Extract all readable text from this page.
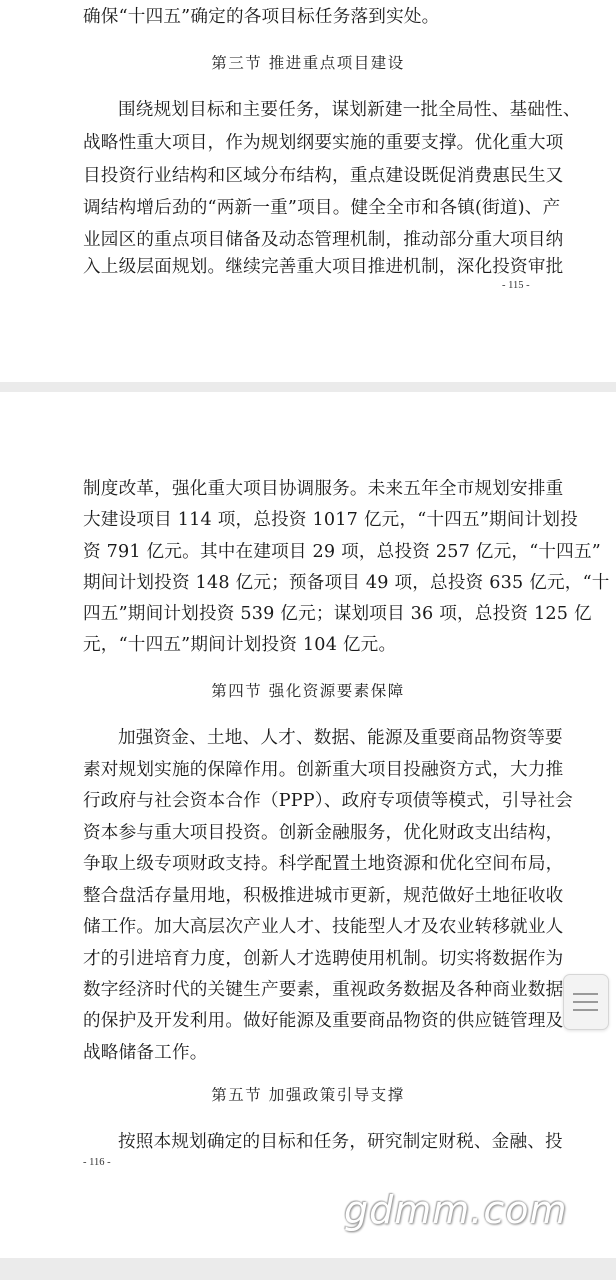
确保“十四五”确定的各项目标任务落到实处。
第三节 推进重点项目建设
围绕规划目标和主要任务，谋划新建一批全局性、基础性、
战略性重大项目，作为规划纲要实施的重要支撑。优化重大项
目投资行业结构和区域分布结构，重点建设既促消费惠民生又
调结构增后劲的“两新一重”项目。健全全市和各镇(街道)、产
业园区的重点项目储备及动态管理机制，推动部分重大项目纳
入上级层面规划。继续完善重大项目推进机制，深化投资审批
- 115 -
制度改革，强化重大项目协调服务。未来五年全市规划安排重
大建设项目 114 项，总投资 1017 亿元，“十四五”期间计划投
资 791 亿元。其中在建项目 29 项，总投资 257 亿元，“十四五”
期间计划投资 148 亿元；预备项目 49 项，总投资 635 亿元，“十
四五”期间计划投资 539 亿元；谋划项目 36 项，总投资 125 亿
元，“十四五”期间计划投资 104 亿元。
第四节 强化资源要素保障
加强资金、土地、人才、数据、能源及重要商品物资等要
素对规划实施的保障作用。创新重大项目投融资方式，大力推
行政府与社会资本合作（PPP）、政府专项债等模式，引导社会
资本参与重大项目投资。创新金融服务，优化财政支出结构，
争取上级专项财政支持。科学配置土地资源和优化空间布局，
整合盘活存量用地，积极推进城市更新，规范做好土地征收收
储工作。加大高层次产业人才、技能型人才及农业转移就业人
才的引进培育力度，创新人才选聘使用机制。切实将数据作为
数字经济时代的关键生产要素，重视政务数据及各种商业数据
的保护及开发利用。做好能源及重要商品物资的供应链管理及
战略储备工作。
第五节 加强政策引导支撑
按照本规划确定的目标和任务，研究制定财税、金融、投
- 116 -
gdmm.com
